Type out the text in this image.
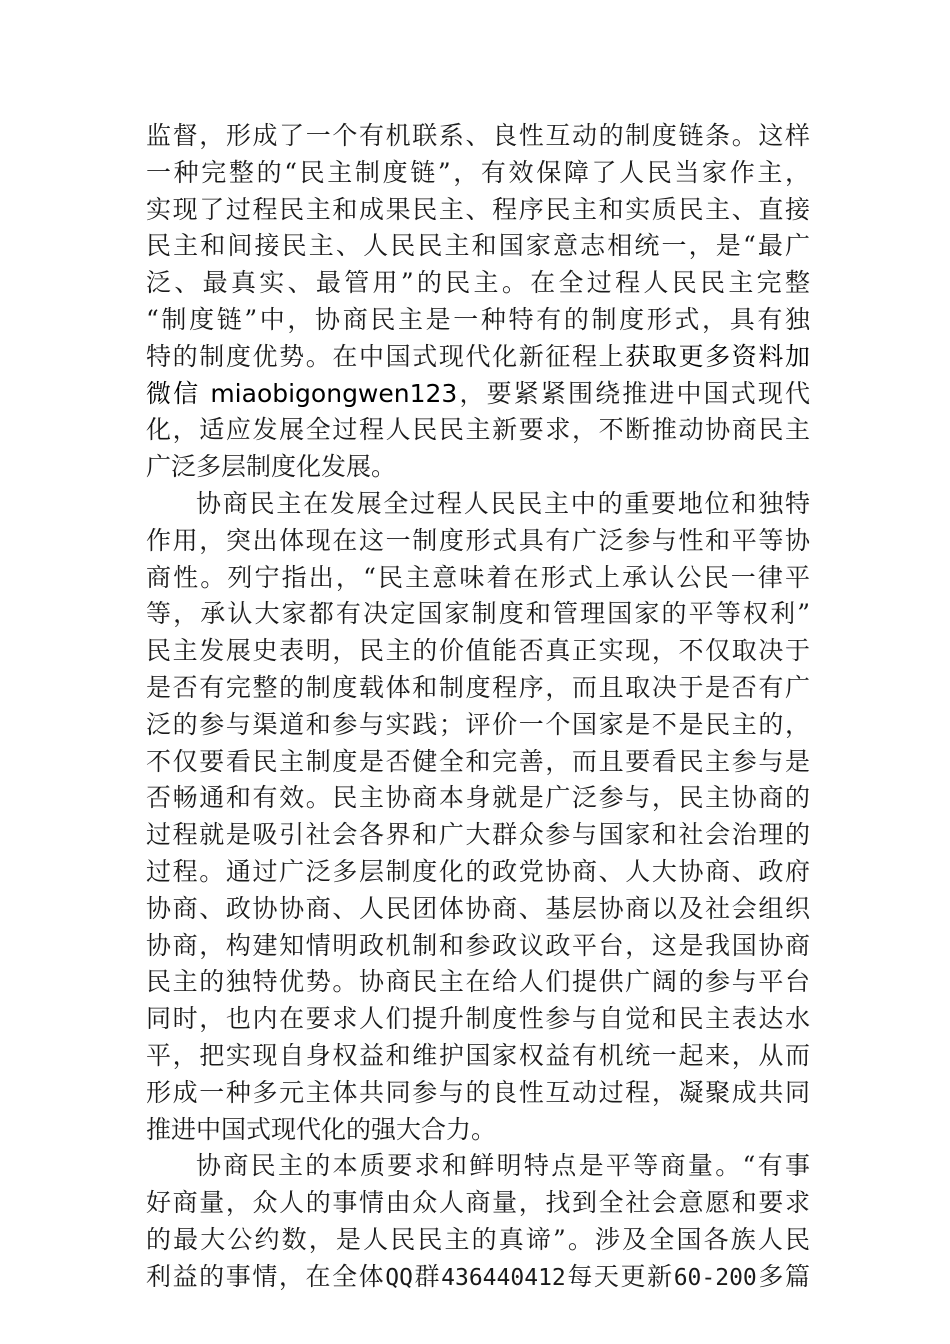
监督，形成了一个有机联系、良性互动的制度链条。这样
一种完整的“民主制度链”，有效保障了人民当家作主，
实现了过程民主和成果民主、程序民主和实质民主、直接
民主和间接民主、人民民主和国家意志相统一，是“最广
泛、最真实、最管用”的民主。在全过程人民民主完整
“制度链”中，协商民主是一种特有的制度形式，具有独
特的制度优势。在中国式现代化新征程上获取更多资料加
微信 miaobigongwen123，要紧紧围绕推进中国式现代
化，适应发展全过程人民民主新要求，不断推动协商民主
广泛多层制度化发展。
协商民主在发展全过程人民民主中的重要地位和独特
作用，突出体现在这一制度形式具有广泛参与性和平等协
商性。列宁指出，“民主意味着在形式上承认公民一律平
等，承认大家都有决定国家制度和管理国家的平等权利”
民主发展史表明，民主的价值能否真正实现，不仅取决于
是否有完整的制度载体和制度程序，而且取决于是否有广
泛的参与渠道和参与实践；评价一个国家是不是民主的，
不仅要看民主制度是否健全和完善，而且要看民主参与是
否畅通和有效。民主协商本身就是广泛参与，民主协商的
过程就是吸引社会各界和广大群众参与国家和社会治理的
过程。通过广泛多层制度化的政党协商、人大协商、政府
协商、政协协商、人民团体协商、基层协商以及社会组织
协商，构建知情明政机制和参政议政平台，这是我国协商
民主的独特优势。协商民主在给人们提供广阔的参与平台
同时，也内在要求人们提升制度性参与自觉和民主表达水
平，把实现自身权益和维护国家权益有机统一起来，从而
形成一种多元主体共同参与的良性互动过程，凝聚成共同
推进中国式现代化的强大合力。
协商民主的本质要求和鲜明特点是平等商量。“有事
好商量，众人的事情由众人商量，找到全社会意愿和要求
的最大公约数，是人民民主的真谛”。涉及全国各族人民
利益的事情，在全体QQ群436440412每天更新60-200多篇
